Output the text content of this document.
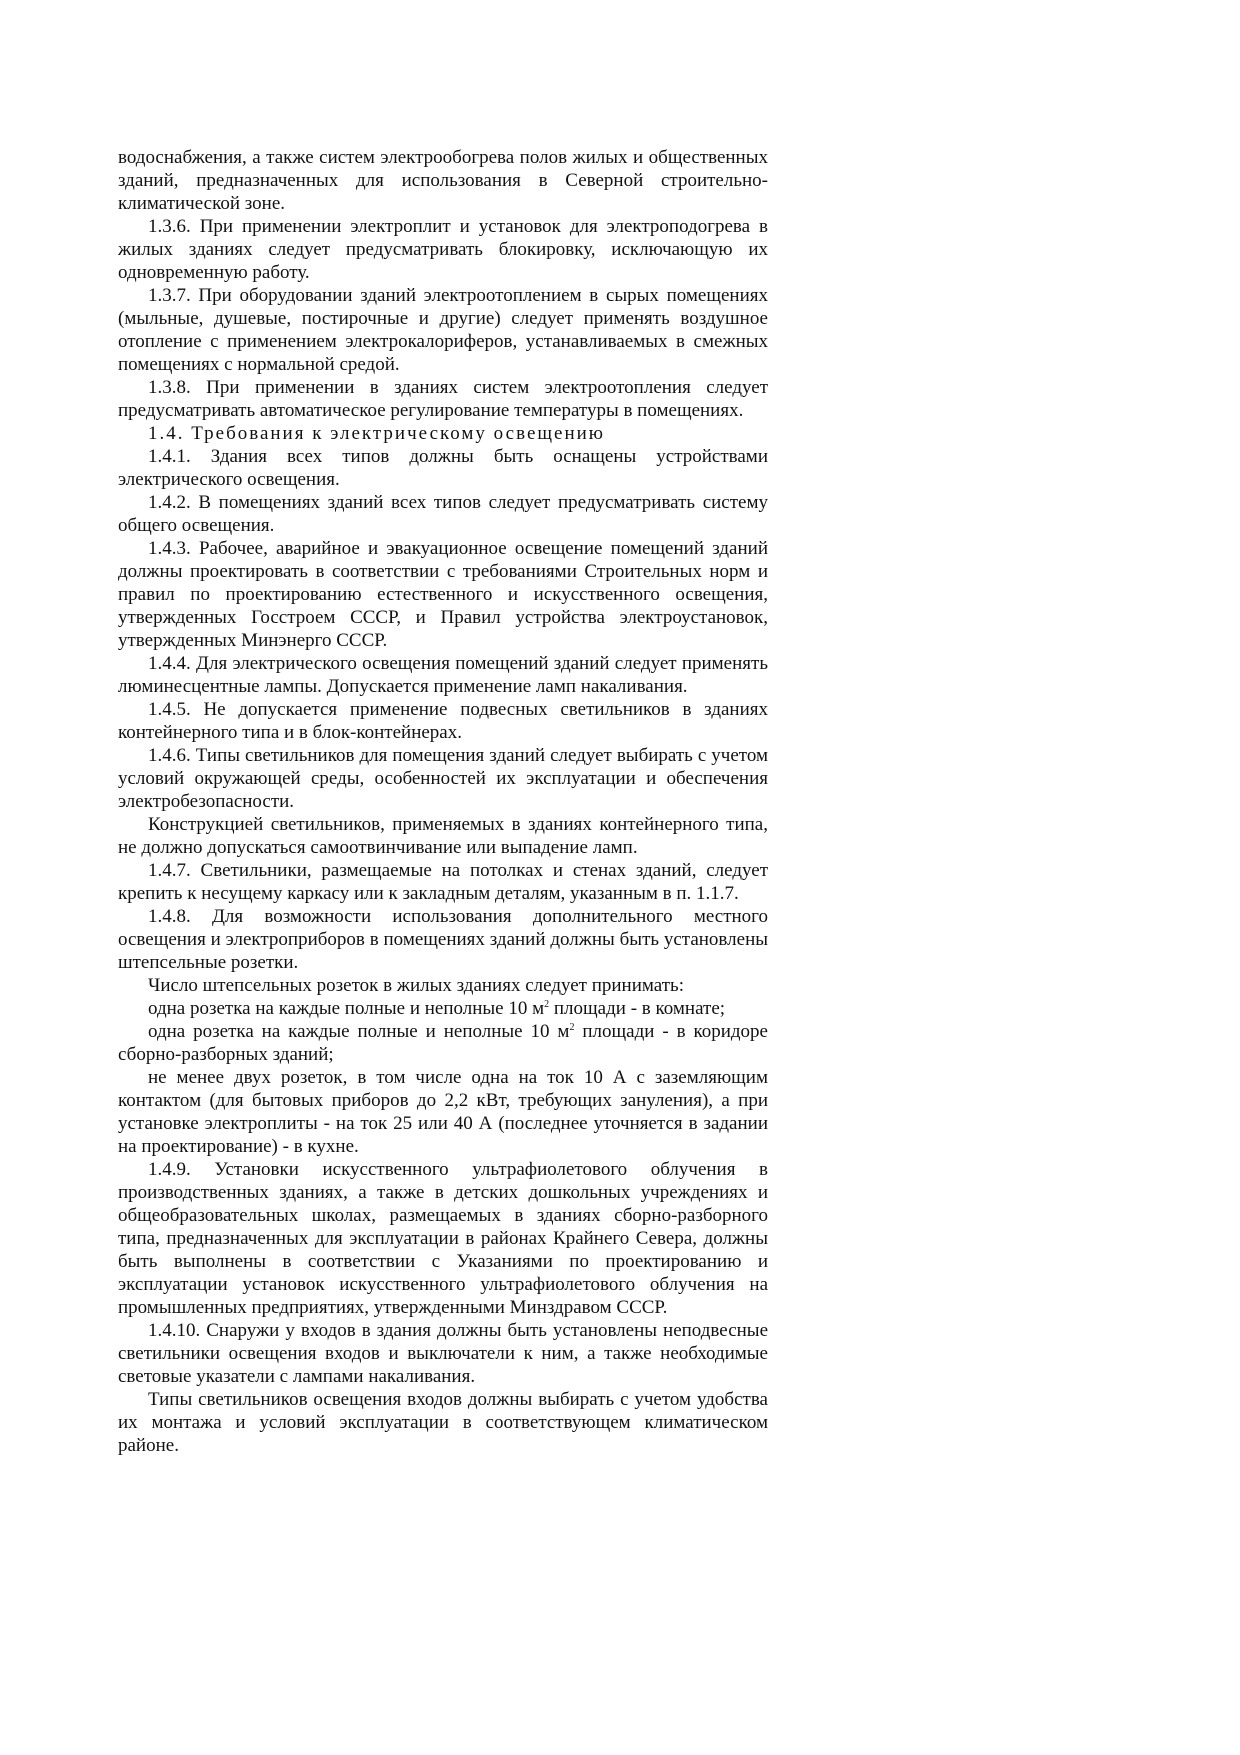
водоснабжения, а также систем электрообогрева полов жилых и общественных зданий, предназначенных для использования в Северной строительно-климатической зоне.

1.3.6. При применении электроплит и установок для электроподогрева в жилых зданиях следует предусматривать блокировку, исключающую их одновременную работу.

1.3.7. При оборудовании зданий электроотоплением в сырых помещениях (мыльные, душевые, постирочные и другие) следует применять воздушное отопление с применением электрокалориферов, устанавливаемых в смежных помещениях с нормальной средой.

1.3.8. При применении в зданиях систем электроотопления следует предусматривать автоматическое регулирование температуры в помещениях.

1.4. Требования к электрическому освещению

1.4.1. Здания всех типов должны быть оснащены устройствами электрического освещения.

1.4.2. В помещениях зданий всех типов следует предусматривать систему общего освещения.

1.4.3. Рабочее, аварийное и эвакуационное освещение помещений зданий должны проектировать в соответствии с требованиями Строительных норм и правил по проектированию естественного и искусственного освещения, утвержденных Госстроем СССР, и Правил устройства электроустановок, утвержденных Минэнерго СССР.

1.4.4. Для электрического освещения помещений зданий следует применять люминесцентные лампы. Допускается применение ламп накаливания.

1.4.5. Не допускается применение подвесных светильников в зданиях контейнерного типа и в блок-контейнерах.

1.4.6. Типы светильников для помещения зданий следует выбирать с учетом условий окружающей среды, особенностей их эксплуатации и обеспечения электробезопасности.

Конструкцией светильников, применяемых в зданиях контейнерного типа, не должно допускаться самоотвинчивание или выпадение ламп.

1.4.7. Светильники, размещаемые на потолках и стенах зданий, следует крепить к несущему каркасу или к закладным деталям, указанным в п. 1.1.7.

1.4.8. Для возможности использования дополнительного местного освещения и электроприборов в помещениях зданий должны быть установлены штепсельные розетки.

Число штепсельных розеток в жилых зданиях следует принимать:

одна розетка на каждые полные и неполные 10 $м^2$ площади - в комнате;

одна розетка на каждые полные и неполные 10 $м^2$ площади - в коридоре сборно-разборных зданий;

не менее двух розеток, в том числе одна на ток 10 А с заземляющим контактом (для бытовых приборов до 2,2 кВт, требующих зануления), а при установке электроплиты - на ток 25 или 40 А (последнее уточняется в задании на проектирование) - в кухне.

1.4.9. Установки искусственного ультрафиолетового облучения в производственных зданиях, а также в детских дошкольных учреждениях и общеобразовательных школах, размещаемых в зданиях сборно-разборного типа, предназначенных для эксплуатации в районах Крайнего Севера, должны быть выполнены в соответствии с Указаниями по проектированию и эксплуатации установок искусственного ультрафиолетового облучения на промышленных предприятиях, утвержденными Минздравом СССР.

1.4.10. Снаружи у входов в здания должны быть установлены неподвесные светильники освещения входов и выключатели к ним, а также необходимые световые указатели с лампами накаливания.

Типы светильников освещения входов должны выбирать с учетом удобства их монтажа и условий эксплуатации в соответствующем климатическом районе.
